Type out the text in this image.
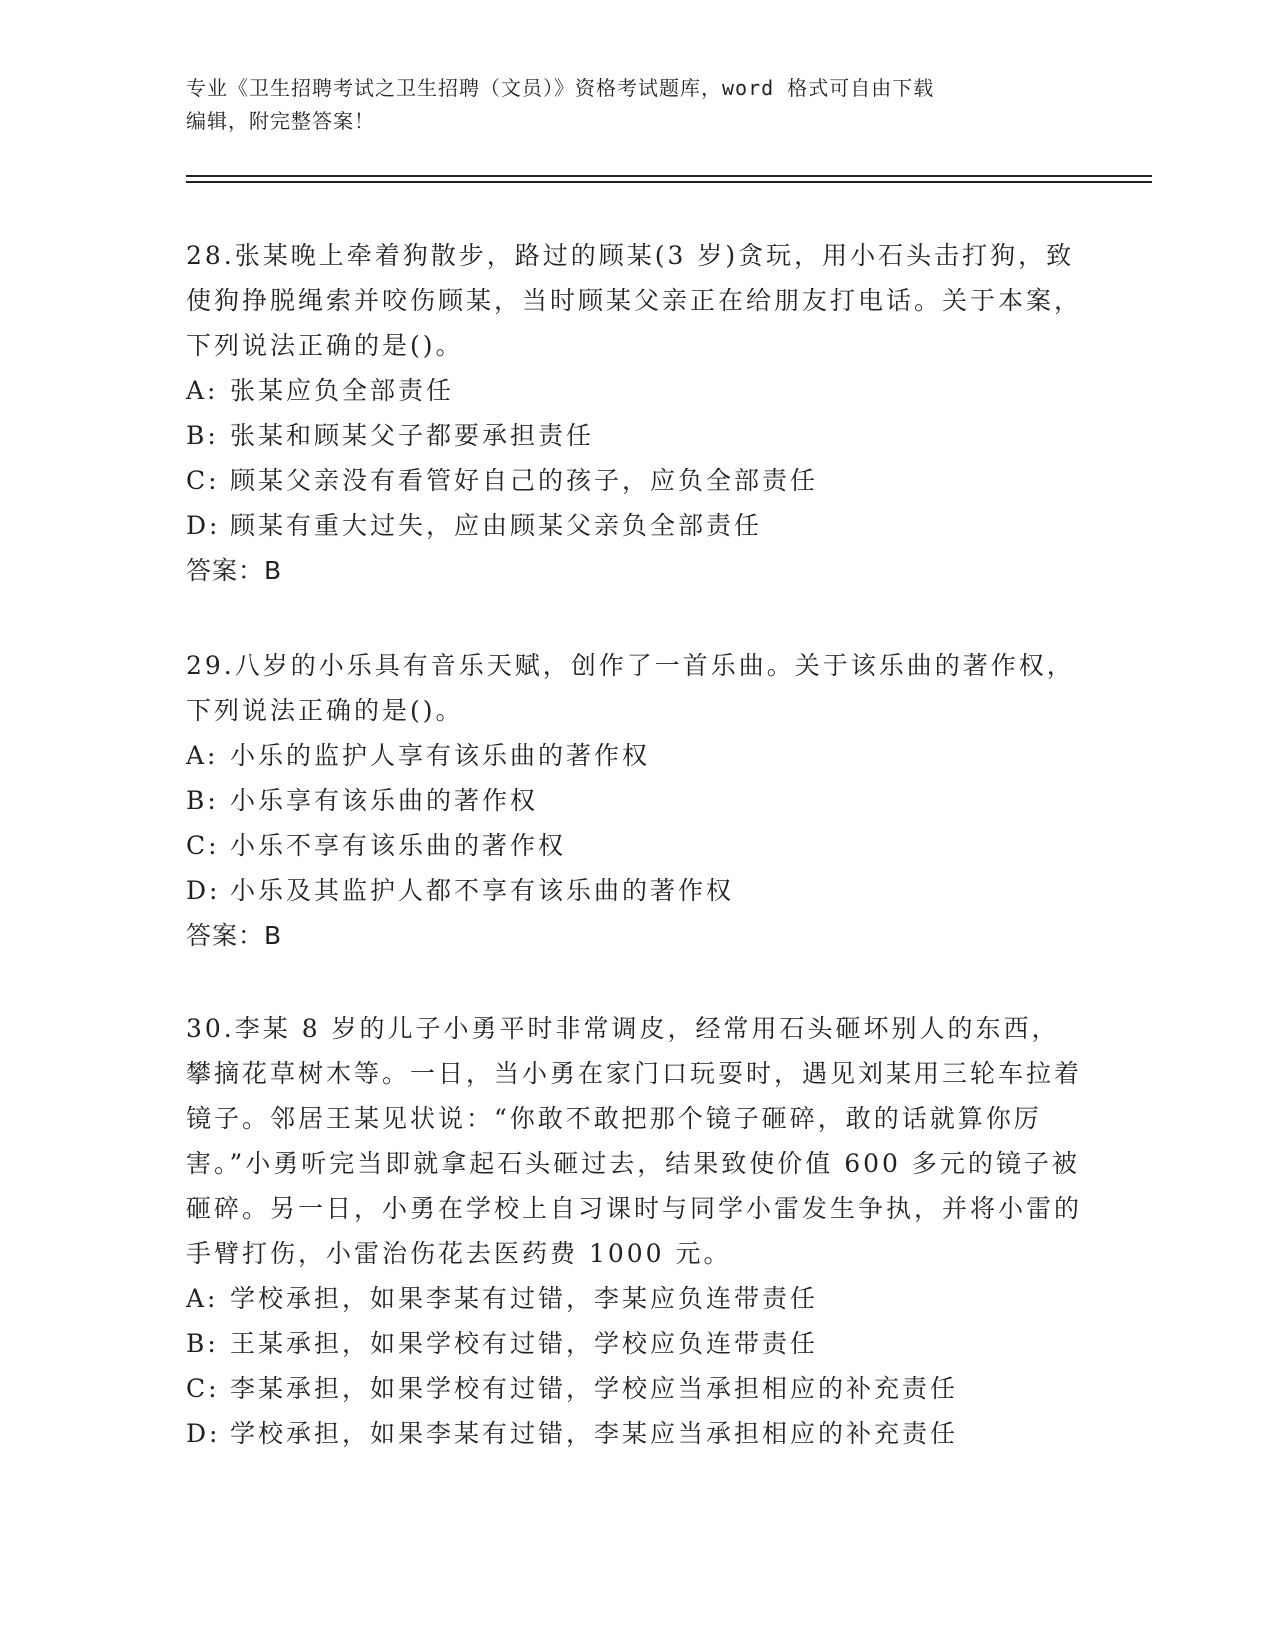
专业《卫生招聘考试之卫生招聘（文员）》资格考试题库，word 格式可自由下载
编辑，附完整答案！

28.张某晚上牵着狗散步，路过的顾某(3 岁)贪玩，用小石头击打狗，致使狗挣脱绳索并咬伤顾某，当时顾某父亲正在给朋友打电话。关于本案，下列说法正确的是()。

A: 张某应负全部责任

B: 张某和顾某父子都要承担责任

C: 顾某父亲没有看管好自己的孩子，应负全部责任

D: 顾某有重大过失，应由顾某父亲负全部责任

答案：B

29.八岁的小乐具有音乐天赋，创作了一首乐曲。关于该乐曲的著作权，下列说法正确的是()。

A: 小乐的监护人享有该乐曲的著作权

B: 小乐享有该乐曲的著作权

C: 小乐不享有该乐曲的著作权

D: 小乐及其监护人都不享有该乐曲的著作权

答案：B

30.李某 8 岁的儿子小勇平时非常调皮，经常用石头砸坏别人的东西，攀摘花草树木等。一日，当小勇在家门口玩耍时，遇见刘某用三轮车拉着镜子。邻居王某见状说：“你敢不敢把那个镜子砸碎，敢的话就算你厉害。”小勇听完当即就拿起石头砸过去，结果致使价值 600 多元的镜子被砸碎。另一日，小勇在学校上自习课时与同学小雷发生争执，并将小雷的手臂打伤，小雷治伤花去医药费 1000 元。

A: 学校承担，如果李某有过错，李某应负连带责任

B: 王某承担，如果学校有过错，学校应负连带责任

C: 李某承担，如果学校有过错，学校应当承担相应的补充责任

D: 学校承担，如果李某有过错，李某应当承担相应的补充责任
